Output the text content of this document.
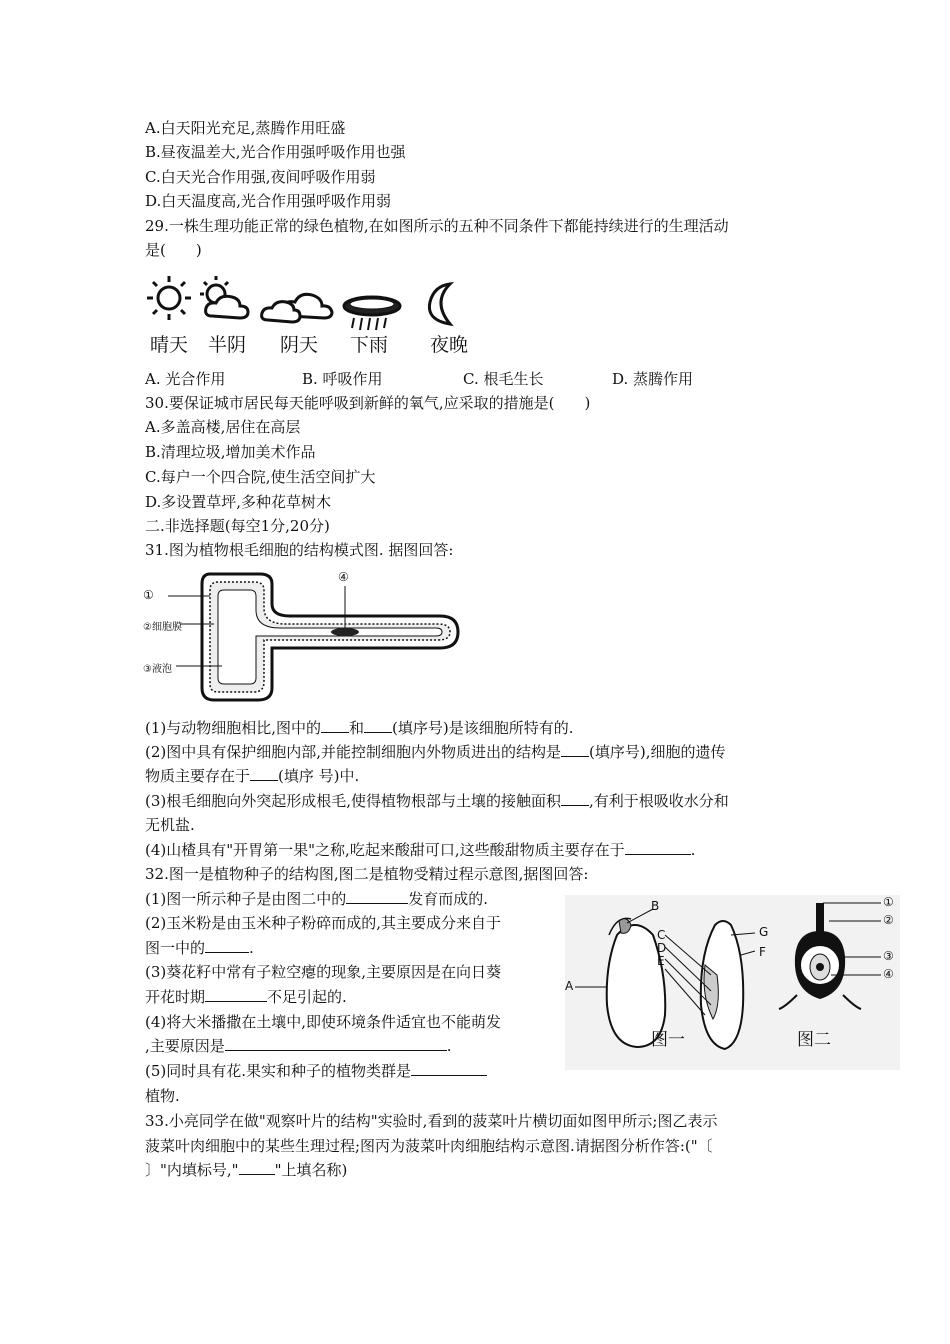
A.白天阳光充足,蒸腾作用旺盛
B.昼夜温差大,光合作用强呼吸作用也强
C.白天光合作用强,夜间呼吸作用弱
D.白天温度高,光合作用强呼吸作用弱
29.一株生理功能正常的绿色植物,在如图所示的五种不同条件下都能持续进行的生理活动
是(　　)
晴天 半阴 阴天 下雨 夜晚
A. 光合作用	B. 呼吸作用	C. 根毛生长	D. 蒸腾作用
30.要保证城市居民每天能呼吸到新鲜的氧气,应采取的措施是(　　)
A.多盖高楼,居住在高层
B.清理垃圾,增加美术作品
C.每户一个四合院,使生活空间扩大
D.多设置草坪,多种花草树木
二.非选择题(每空1分,20分)
31.图为植物根毛细胞的结构模式图. 据图回答:
①
②细胞膜
③液泡
④
(1)与动物细胞相比,图中的 和 (填序号)是该细胞所特有的.
(2)图中具有保护细胞内部,并能控制细胞内外物质进出的结构是 (填序号),细胞的遗传
物质主要存在于 (填序 号)中.
(3)根毛细胞向外突起形成根毛,使得植物根部与土壤的接触面积 ,有利于根吸收水分和
无机盐.
(4)山楂具有"开胃第一果"之称,吃起来酸甜可口,这些酸甜物质主要存在于	.
32.图一是植物种子的结构图,图二是植物受精过程示意图,据图回答:
(1)图一所示种子是由图二中的	发育而成的.
(2)玉米粉是由玉米种子粉碎而成的,其主要成分来自于
图一中的	.
(3)葵花籽中常有子粒空瘪的现象,主要原因是在向日葵
开花时期	不足引起的.
(4)将大米播撒在土壤中,即使环境条件适宜也不能萌发
,主要原因是	.
(5)同时具有花.果实和种子的植物类群是
植物.
A
B
C
D
E
F
G
①
②
③
④
图一	图二
33.小亮同学在做"观察叶片的结构"实验时,看到的菠菜叶片横切面如图甲所示;图乙表示
菠菜叶肉细胞中的某些生理过程;图丙为菠菜叶肉细胞结构示意图.请据图分析作答:("〔
〕"内填标号," "上填名称)
